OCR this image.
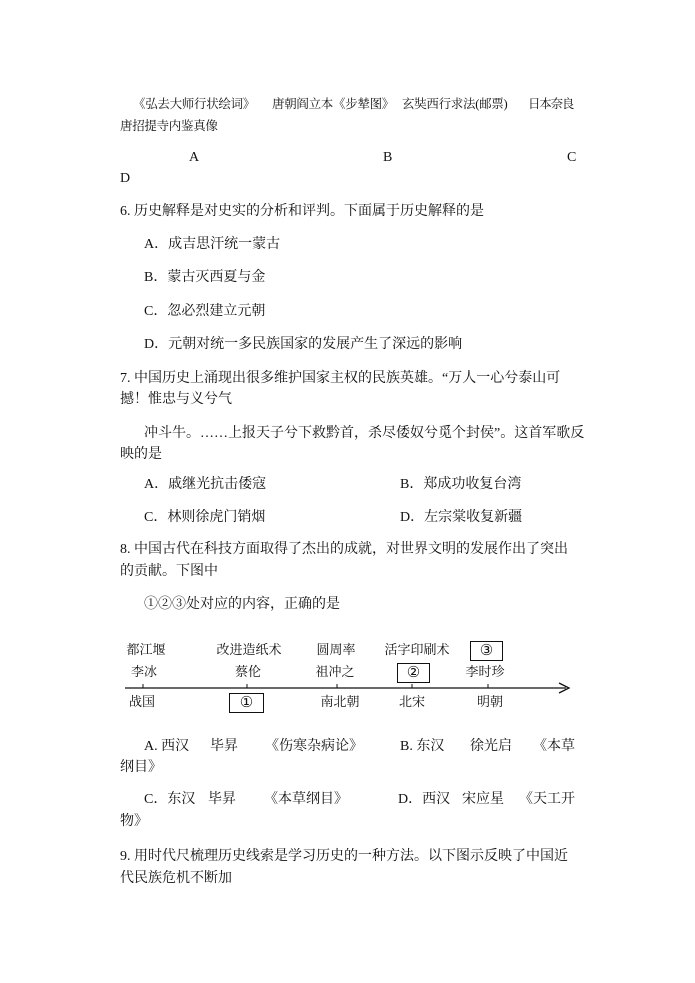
《弘去大师行状绘词》 唐朝阎立本《步辇图》 玄奘西行求法(邮票) 日本奈良
唐招提寺内鉴真像
A	B	C
D
6. 历史解释是对史实的分析和评判。下面属于历史解释的是
A．成吉思汗统一蒙古
B．蒙古灭西夏与金
C．忽必烈建立元朝
D．元朝对统一多民族国家的发展产生了深远的影响
7. 中国历史上涌现出很多维护国家主权的民族英雄。“万人一心兮泰山可
撼！惟忠与义兮气
冲斗牛。……上报天子兮下救黔首，杀尽倭奴兮觅个封侯”。这首军歌反
映的是
A．戚继光抗击倭寇	B．郑成功收复台湾
C．林则徐虎门销烟	D．左宗棠收复新疆
8. 中国古代在科技方面取得了杰出的成就，对世界文明的发展作出了突出
的贡献。下图中
①②③处对应的内容，正确的是
都江堰	改进造纸术	圆周率	活字印刷术
李冰	蔡伦	祖冲之	李时珍
战国	南北朝	北宋	明朝
①
②
③
A. 西汉 毕昇 《伤寒杂病论》	B. 东汉 徐光启 《本草
纲目》
C．东汉 毕昇 《本草纲目》	D．西汉 宋应星 《天工开
物》
9. 用时代尺梳理历史线索是学习历史的一种方法。以下图示反映了中国近
代民族危机不断加
